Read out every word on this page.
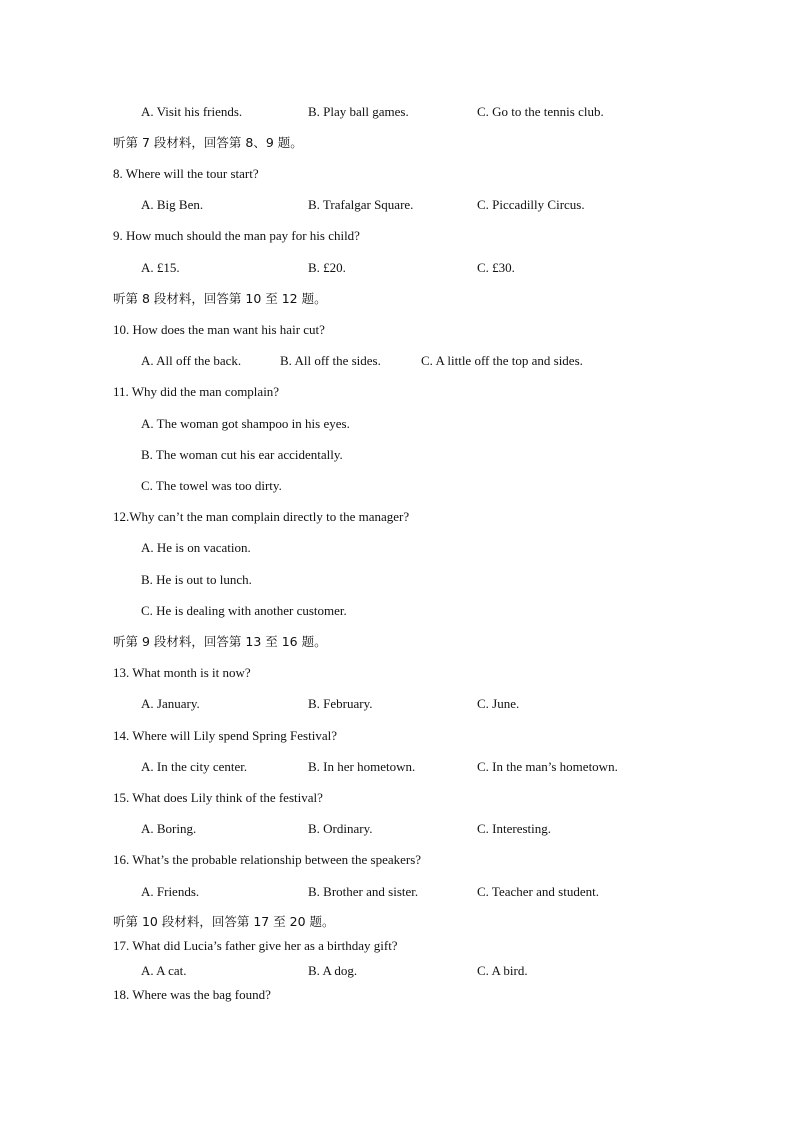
A. Visit his friends.	B. Play ball games.	C. Go to the tennis club.
听第 7 段材料，回答第 8、9 题。
8. Where will the tour start?
A. Big Ben.	B. Trafalgar Square.	C. Piccadilly Circus.
9. How much should the man pay for his child?
A. £15.	B. £20.	C. £30.
听第 8 段材料，回答第 10 至 12 题。
10. How does the man want his hair cut?
A. All off the back.	B. All off the sides.	C. A little off the top and sides.
11. Why did the man complain?
A. The woman got shampoo in his eyes.
B. The woman cut his ear accidentally.
C. The towel was too dirty.
12.Why can’t the man complain directly to the manager?
A. He is on vacation.
B. He is out to lunch.
C. He is dealing with another customer.
听第 9 段材料，回答第 13 至 16 题。
13. What month is it now?
A. January.	B. February.	C. June.
14. Where will Lily spend Spring Festival?
A. In the city center.	B. In her hometown.	C. In the man’s hometown.
15. What does Lily think of the festival?
A. Boring.	B. Ordinary.	C. Interesting.
16. What’s the probable relationship between the speakers?
A. Friends.	B. Brother and sister.	C. Teacher and student.
听第 10 段材料，回答第 17 至 20 题。
17. What did Lucia’s father give her as a birthday gift?
A. A cat.	B. A dog.	C. A bird.
18. Where was the bag found?
